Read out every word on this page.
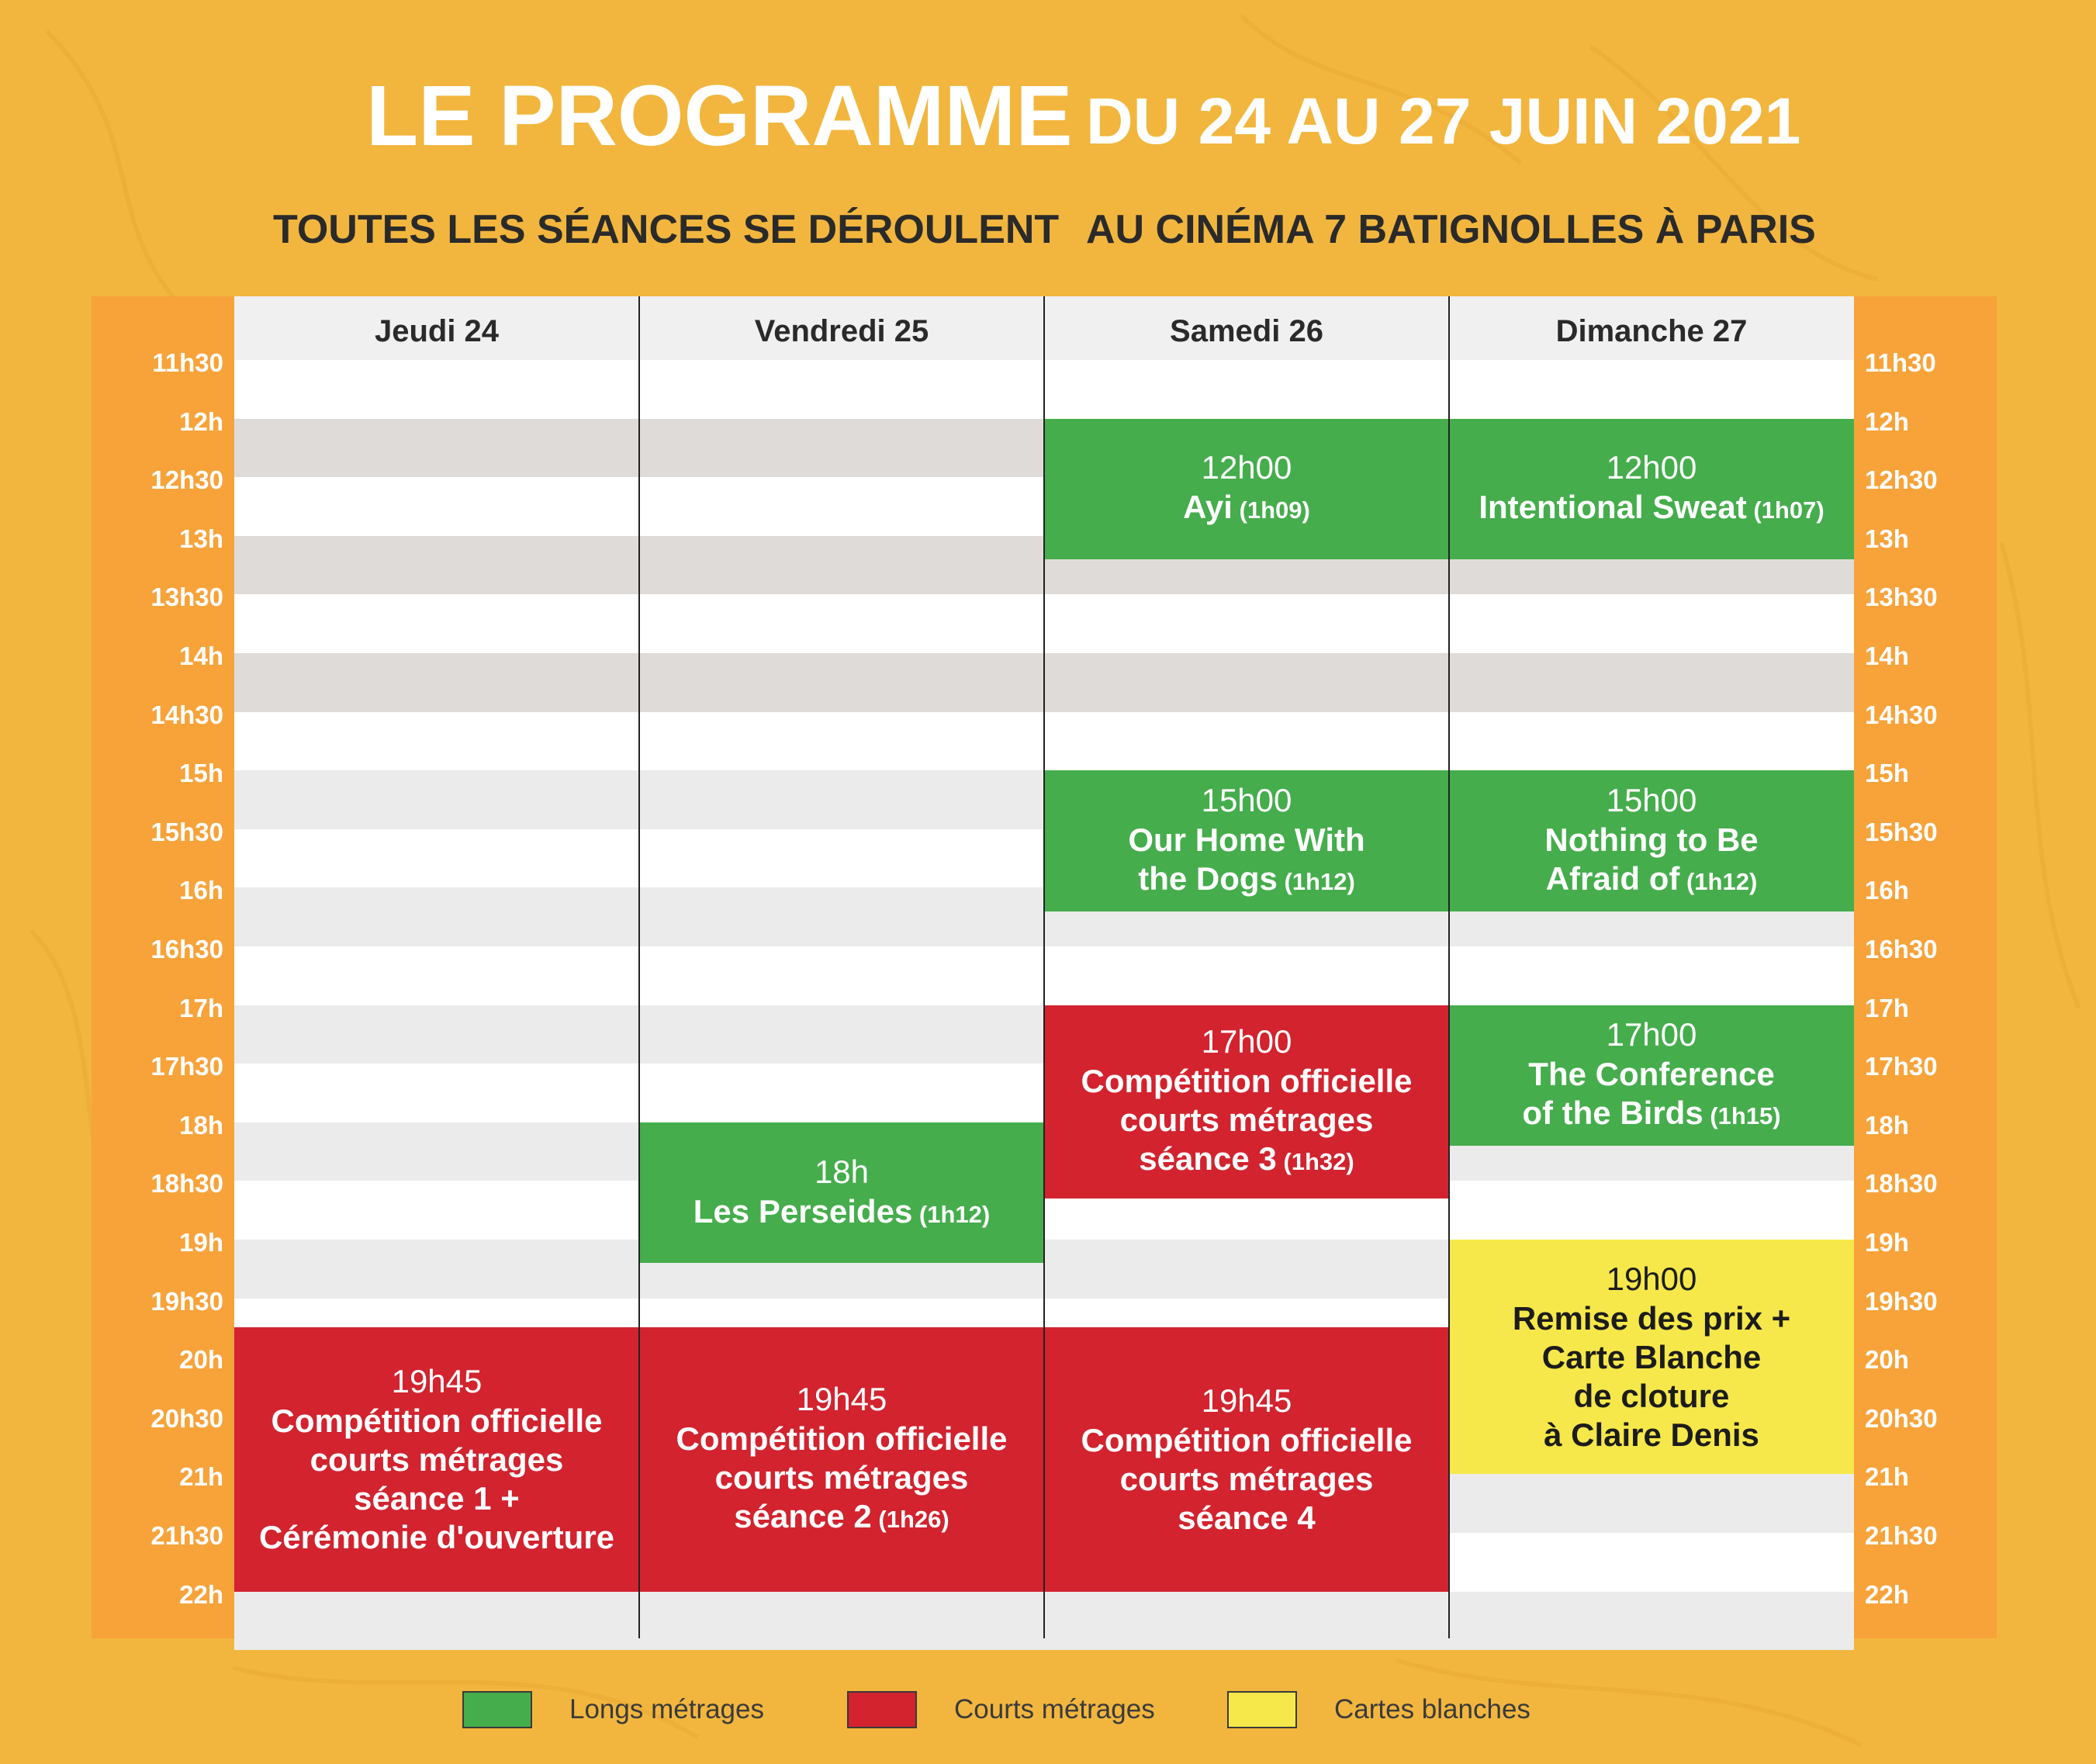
LE PROGRAMME DU 24 AU 27 JUIN 2021
TOUTES LES SÉANCES SE DÉROULENT AU CINÉMA 7 BATIGNOLLES À PARIS
11h30
12h
12h30
13h
13h30
14h
14h30
15h
15h30
16h
16h30
17h
17h30
18h
18h30
19h
19h30
20h
20h30
21h
21h30
22h
11h30
12h
12h30
13h
13h30
14h
14h30
15h
15h30
16h
16h30
17h
17h30
18h
18h30
19h
19h30
20h
20h30
21h
21h30
22h
Jeudi 24
19h45
Compétition officielle
courts métrages
séance 1 +
Cérémonie d'ouverture
Vendredi 25
18h
Les Perseides (1h12)
19h45
Compétition officielle
courts métrages
séance 2 (1h26)
Samedi 26
12h00
Ayi (1h09)
15h00
Our Home With
the Dogs (1h12)
17h00
Compétition officielle
courts métrages
séance 3 (1h32)
19h45
Compétition officielle
courts métrages
séance 4
Dimanche 27
12h00
Intentional Sweat (1h07)
15h00
Nothing to Be
Afraid of (1h12)
17h00
The Conference
of the Birds (1h15)
19h00
Remise des prix +
Carte Blanche
de cloture
à Claire Denis
Longs métrages	Courts métrages	Cartes blanches
